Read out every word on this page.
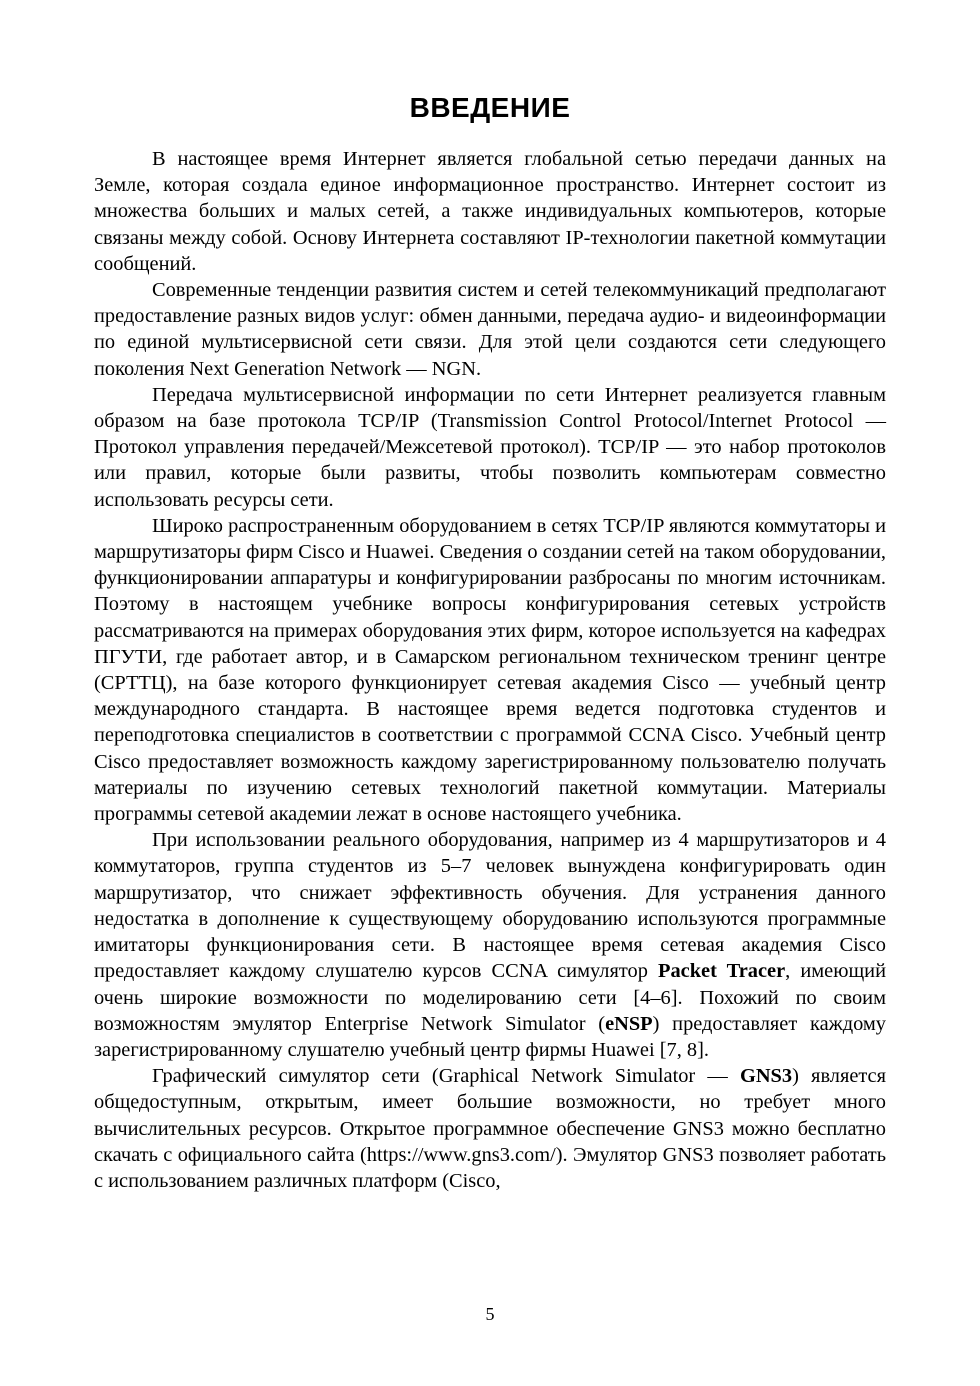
ВВЕДЕНИЕ

В настоящее время Интернет является глобальной сетью передачи данных на Земле, которая создала единое информационное пространство. Интернет состоит из множества больших и малых сетей, а также индивидуальных компьютеров, которые связаны между собой. Основу Интернета составляют IP-технологии пакетной коммутации сообщений.

Современные тенденции развития систем и сетей телекоммуникаций предполагают предоставление разных видов услуг: обмен данными, передача аудио- и видеоинформации по единой мультисервисной сети связи. Для этой цели создаются сети следующего поколения Next Generation Network — NGN.

Передача мультисервисной информации по сети Интернет реализуется главным образом на базе протокола TCP/IP (Transmission Control Protocol/Internet Protocol — Протокол управления передачей/Межсетевой протокол). TCP/IP — это набор протоколов или правил, которые были развиты, чтобы позволить компьютерам совместно использовать ресурсы сети.

Широко распространенным оборудованием в сетях TCP/IP являются коммутаторы и маршрутизаторы фирм Cisco и Huawei. Сведения о создании сетей на таком оборудовании, функционировании аппаратуры и конфигурировании разбросаны по многим источникам. Поэтому в настоящем учебнике вопросы конфигурирования сетевых устройств рассматриваются на примерах оборудования этих фирм, которое используется на кафедрах ПГУТИ, где работает автор, и в Самарском региональном техническом тренинг центре (СРТТЦ), на базе которого функционирует сетевая академия Cisco — учебный центр международного стандарта. В настоящее время ведется подготовка студентов и переподготовка специалистов в соответствии с программой CCNA Cisco. Учебный центр Cisco предоставляет возможность каждому зарегистрированному пользователю получать материалы по изучению сетевых технологий пакетной коммутации. Материалы программы сетевой академии лежат в основе настоящего учебника.

При использовании реального оборудования, например из 4 маршрутизаторов и 4 коммутаторов, группа студентов из 5–7 человек вынуждена конфигурировать один маршрутизатор, что снижает эффективность обучения. Для устранения данного недостатка в дополнение к существующему оборудованию используются программные имитаторы функционирования сети. В настоящее время сетевая академия Cisco предоставляет каждому слушателю курсов CCNA симулятор Packet Tracer, имеющий очень широкие возможности по моделированию сети [4–6]. Похожий по своим возможностям эмулятор Enterprise Network Simulator (eNSP) предоставляет каждому зарегистрированному слушателю учебный центр фирмы Huawei [7, 8].

Графический симулятор сети (Graphical Network Simulator — GNS3) является общедоступным, открытым, имеет большие возможности, но требует много вычислительных ресурсов. Открытое программное обеспечение GNS3 можно бесплатно скачать с официального сайта (https://www.gns3.com/). Эмулятор GNS3 позволяет работать с использованием различных платформ (Cisco,

5
